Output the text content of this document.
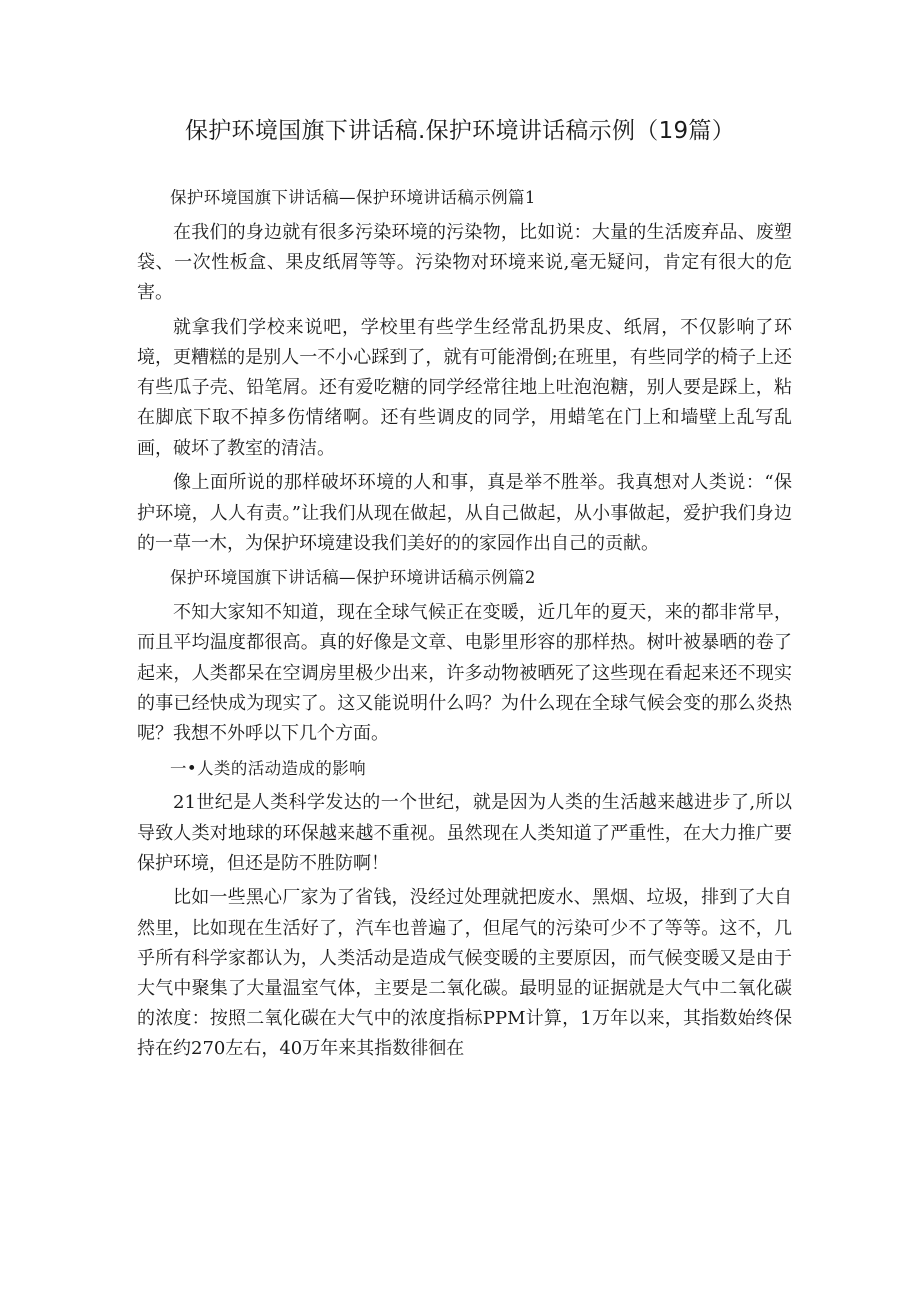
保护环境国旗下讲话稿.保护环境讲话稿示例（19篇）

保护环境国旗下讲话稿—保护环境讲话稿示例篇1

在我们的身边就有很多污染环境的污染物，比如说：大量的生活废弃品、废塑袋、一次性板盒、果皮纸屑等等。污染物对环境来说,毫无疑问，肯定有很大的危害。

就拿我们学校来说吧，学校里有些学生经常乱扔果皮、纸屑，不仅影响了环境，更糟糕的是别人一不小心踩到了，就有可能滑倒;在班里，有些同学的椅子上还有些瓜子壳、铅笔屑。还有爱吃糖的同学经常往地上吐泡泡糖，别人要是踩上，粘在脚底下取不掉多伤情绪啊。还有些调皮的同学，用蜡笔在门上和墙壁上乱写乱画，破坏了教室的清洁。

像上面所说的那样破坏环境的人和事，真是举不胜举。我真想对人类说：“保护环境，人人有责。”让我们从现在做起，从自己做起，从小事做起，爱护我们身边的一草一木，为保护环境建设我们美好的的家园作出自己的贡献。

保护环境国旗下讲话稿—保护环境讲话稿示例篇2

不知大家知不知道，现在全球气候正在变暖，近几年的夏天，来的都非常早，而且平均温度都很高。真的好像是文章、电影里形容的那样热。树叶被暴晒的卷了起来，人类都呆在空调房里极少出来，许多动物被晒死了这些现在看起来还不现实的事已经快成为现实了。这又能说明什么吗？为什么现在全球气候会变的那么炎热呢？我想不外呼以下几个方面。

一•人类的活动造成的影响

21世纪是人类科学发达的一个世纪，就是因为人类的生活越来越进步了,所以导致人类对地球的环保越来越不重视。虽然现在人类知道了严重性，在大力推广要保护环境，但还是防不胜防啊！

比如一些黑心厂家为了省钱，没经过处理就把废水、黑烟、垃圾，排到了大自然里，比如现在生活好了，汽车也普遍了，但尾气的污染可少不了等等。这不，几乎所有科学家都认为，人类活动是造成气候变暖的主要原因，而气候变暖又是由于大气中聚集了大量温室气体，主要是二氧化碳。最明显的证据就是大气中二氧化碳的浓度：按照二氧化碳在大气中的浓度指标PPM计算，1万年以来，其指数始终保持在约270左右，40万年来其指数徘徊在
